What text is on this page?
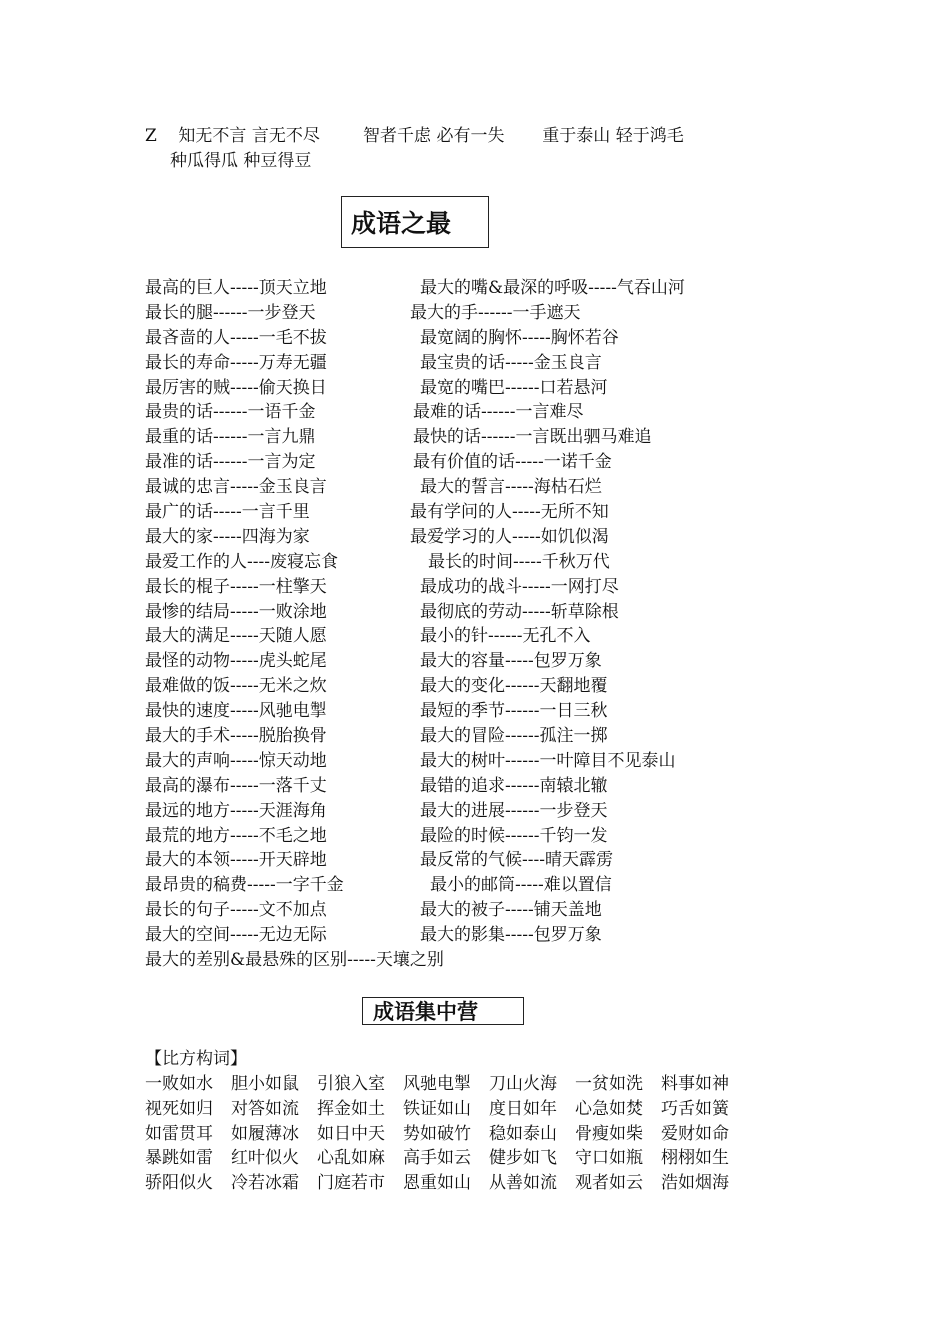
Z    知无不言 言无不尽        智者千虑 必有一失       重于泰山 轻于鸿毛
种瓜得瓜 种豆得豆
成语之最
最高的巨人-----顶天立地	最大的嘴&最深的呼吸-----气吞山河
最长的腿------一步登天	最大的手------一手遮天
最吝啬的人-----一毛不拔	最宽阔的胸怀-----胸怀若谷
最长的寿命-----万寿无疆	最宝贵的话-----金玉良言
最厉害的贼-----偷天换日	最宽的嘴巴------口若悬河
最贵的话------一语千金	最难的话------一言难尽
最重的话------一言九鼎	最快的话------一言既出驷马难追
最准的话------一言为定	最有价值的话-----一诺千金
最诚的忠言-----金玉良言	最大的誓言-----海枯石烂
最广的话-----一言千里	最有学问的人-----无所不知
最大的家-----四海为家	最爱学习的人-----如饥似渴
最爱工作的人----废寝忘食	最长的时间-----千秋万代
最长的棍子-----一柱擎天	最成功的战斗-----一网打尽
最惨的结局-----一败涂地	最彻底的劳动-----斩草除根
最大的满足-----天随人愿	最小的针------无孔不入
最怪的动物-----虎头蛇尾	最大的容量-----包罗万象
最难做的饭-----无米之炊	最大的变化------天翻地覆
最快的速度-----风驰电掣	最短的季节------一日三秋
最大的手术-----脱胎换骨	最大的冒险------孤注一掷
最大的声响-----惊天动地	最大的树叶------一叶障目不见泰山
最高的瀑布-----一落千丈	最错的追求------南辕北辙
最远的地方-----天涯海角	最大的进展------一步登天
最荒的地方-----不毛之地	最险的时候------千钧一发
最大的本领-----开天辟地	最反常的气候----晴天霹雳
最昂贵的稿费-----一字千金	最小的邮筒-----难以置信
最长的句子-----文不加点	最大的被子-----铺天盖地
最大的空间-----无边无际	最大的影集-----包罗万象
最大的差别&最悬殊的区别-----天壤之别
成语集中营
【比方构词】
一败如水 胆小如鼠 引狼入室 风驰电掣 刀山火海 一贫如洗 料事如神
视死如归 对答如流 挥金如土 铁证如山 度日如年 心急如焚 巧舌如簧
如雷贯耳 如履薄冰 如日中天 势如破竹 稳如泰山 骨瘦如柴 爱财如命
暴跳如雷 红叶似火 心乱如麻 高手如云 健步如飞 守口如瓶 栩栩如生
骄阳似火 冷若冰霜 门庭若市 恩重如山 从善如流 观者如云 浩如烟海
